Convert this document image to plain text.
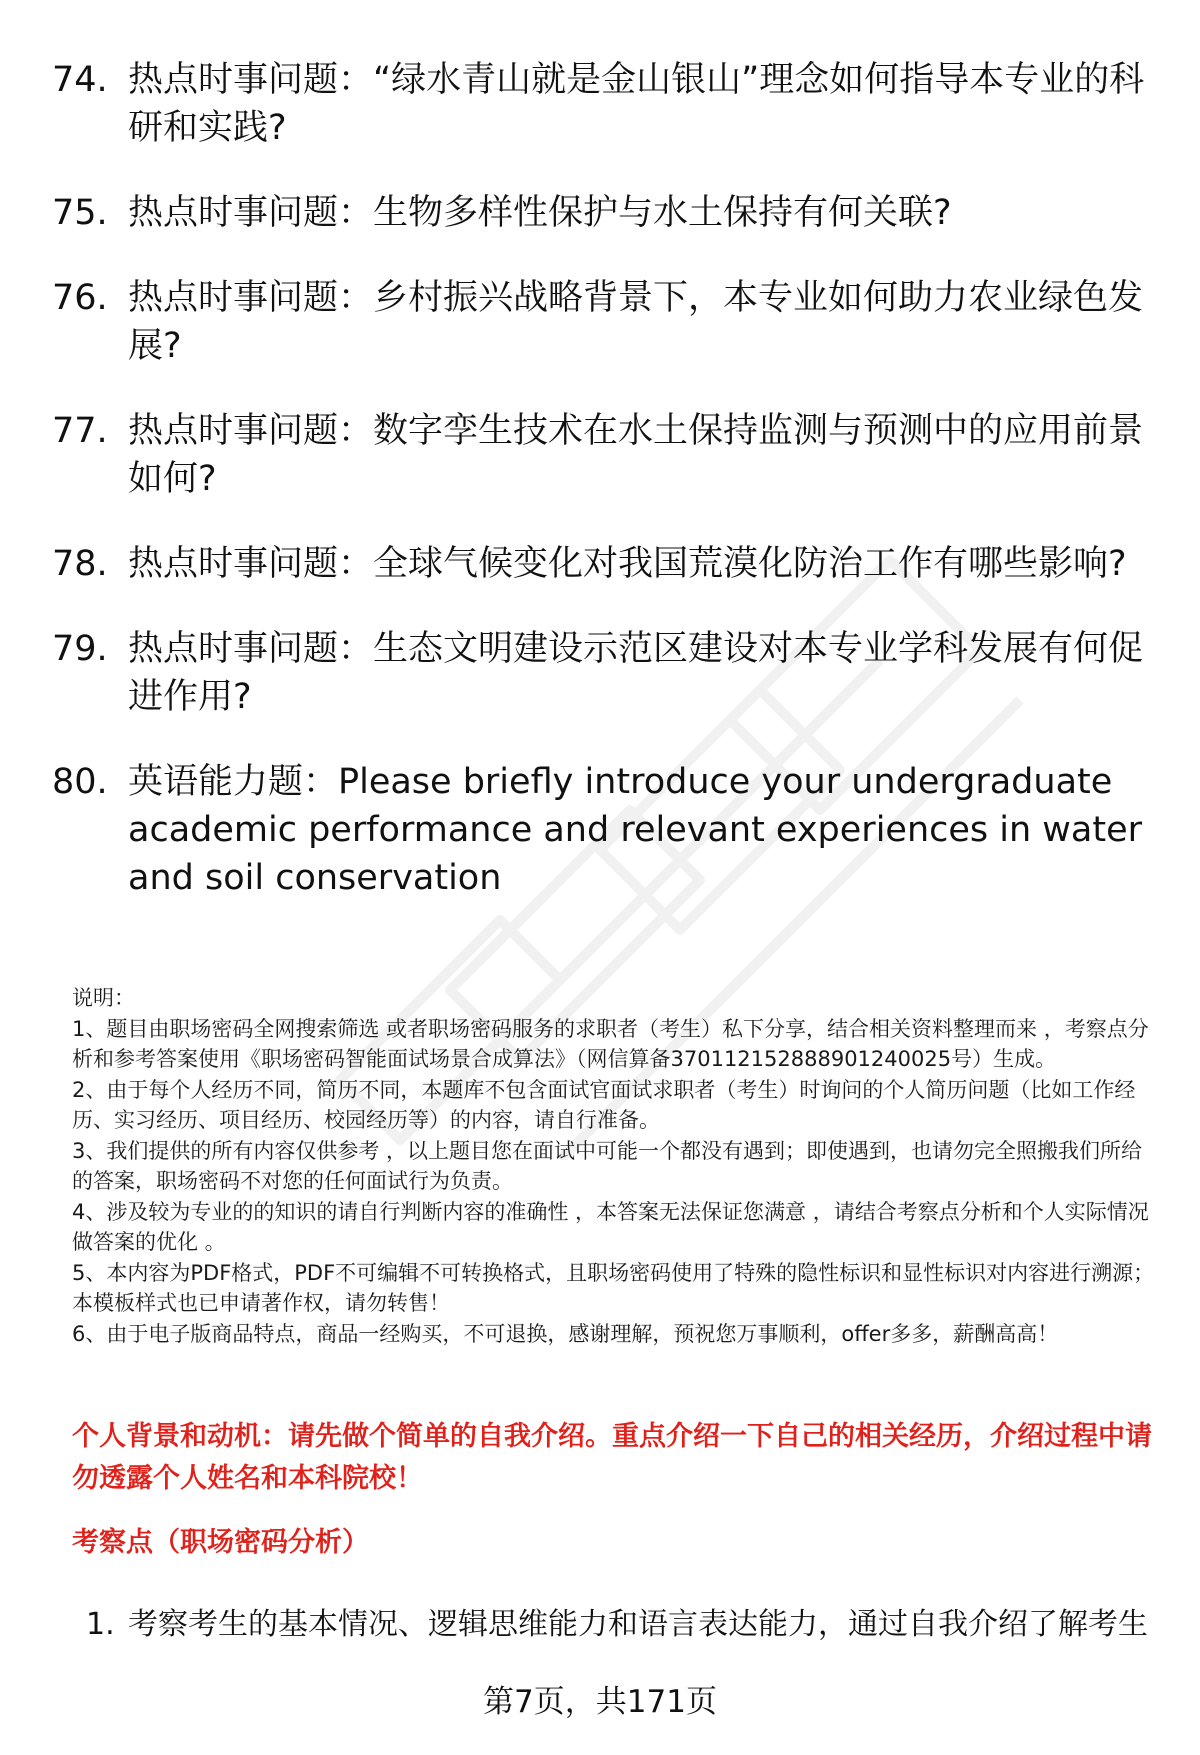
74. 热点时事问题：“绿水青山就是金山银山”理念如何指导本专业的科研和实践?
75. 热点时事问题：生物多样性保护与水土保持有何关联?
76. 热点时事问题：乡村振兴战略背景下，本专业如何助力农业绿色发展?
77. 热点时事问题：数字孪生技术在水土保持监测与预测中的应用前景如何?
78. 热点时事问题：全球气候变化对我国荒漠化防治工作有哪些影响?
79. 热点时事问题：生态文明建设示范区建设对本专业学科发展有何促进作用?
80. 英语能力题：Please briefly introduce your undergraduate academic performance and relevant experiences in water and soil conservation

说明：

1、题目由职场密码全网搜索筛选 或者职场密码服务的求职者（考生）私下分享，结合相关资料整理而来 ，考察点分析和参考答案使用《职场密码智能面试场景合成算法》（网信算备370112152888901240025号）生成。

2、由于每个人经历不同，简历不同，本题库不包含面试官面试求职者（考生）时询问的个人简历问题（比如工作经历、实习经历、项目经历、校园经历等）的内容，请自行准备。

3、我们提供的所有内容仅供参考 ，以上题目您在面试中可能一个都没有遇到；即使遇到，也请勿完全照搬我们所给的答案，职场密码不对您的任何面试行为负责。

4、涉及较为专业的的知识的请自行判断内容的准确性 ，本答案无法保证您满意 ，请结合考察点分析和个人实际情况做答案的优化 。

5、本内容为PDF格式，PDF不可编辑不可转换格式，且职场密码使用了特殊的隐性标识和显性标识对内容进行溯源；本模板样式也已申请著作权，请勿转售！

6、由于电子版商品特点，商品一经购买，不可退换，感谢理解，预祝您万事顺利，offer多多，薪酬高高！

个人背景和动机：请先做个简单的自我介绍。重点介绍一下自己的相关经历，介绍过程中请勿透露个人姓名和本科院校！
考察点（职场密码分析）
1. 考察考生的基本情况、逻辑思维能力和语言表达能力，通过自我介绍了解考生
第7页，共171页
